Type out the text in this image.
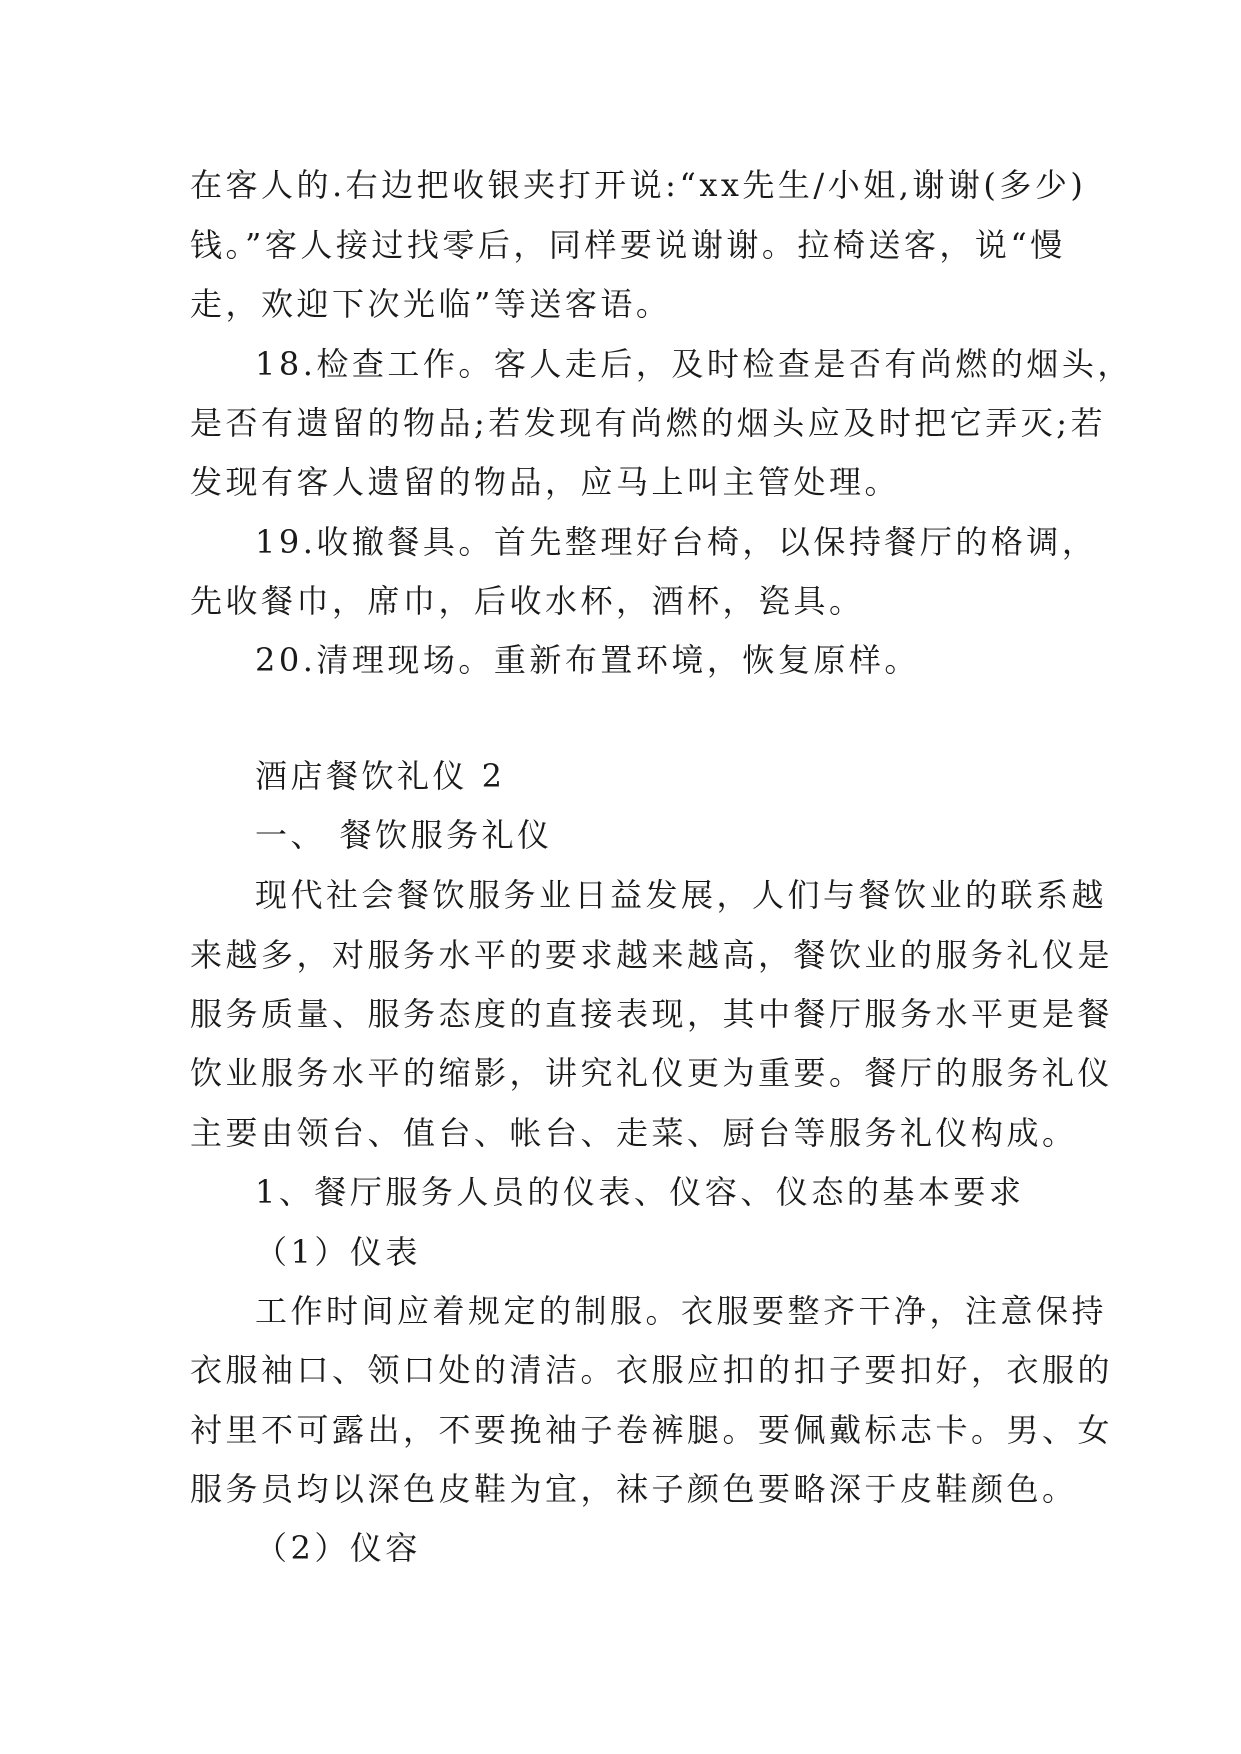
在客人的.右边把收银夹打开说:“xx先生/小姐,谢谢(多少)
钱。”客人接过找零后，同样要说谢谢。拉椅送客，说“慢
走，欢迎下次光临”等送客语。
18.检查工作。客人走后，及时检查是否有尚燃的烟头，
是否有遗留的物品;若发现有尚燃的烟头应及时把它弄灭;若
发现有客人遗留的物品，应马上叫主管处理。
19.收撤餐具。首先整理好台椅，以保持餐厅的格调，
先收餐巾，席巾，后收水杯，酒杯，瓷具。
20.清理现场。重新布置环境，恢复原样。
酒店餐饮礼仪 2
一、 餐饮服务礼仪
现代社会餐饮服务业日益发展，人们与餐饮业的联系越
来越多，对服务水平的要求越来越高，餐饮业的服务礼仪是
服务质量、服务态度的直接表现，其中餐厅服务水平更是餐
饮业服务水平的缩影，讲究礼仪更为重要。餐厅的服务礼仪
主要由领台、值台、帐台、走菜、厨台等服务礼仪构成。
1、餐厅服务人员的仪表、仪容、仪态的基本要求
（1）仪表
工作时间应着规定的制服。衣服要整齐干净，注意保持
衣服袖口、领口处的清洁。衣服应扣的扣子要扣好，衣服的
衬里不可露出，不要挽袖子卷裤腿。要佩戴标志卡。男、女
服务员均以深色皮鞋为宜，袜子颜色要略深于皮鞋颜色。
（2）仪容
